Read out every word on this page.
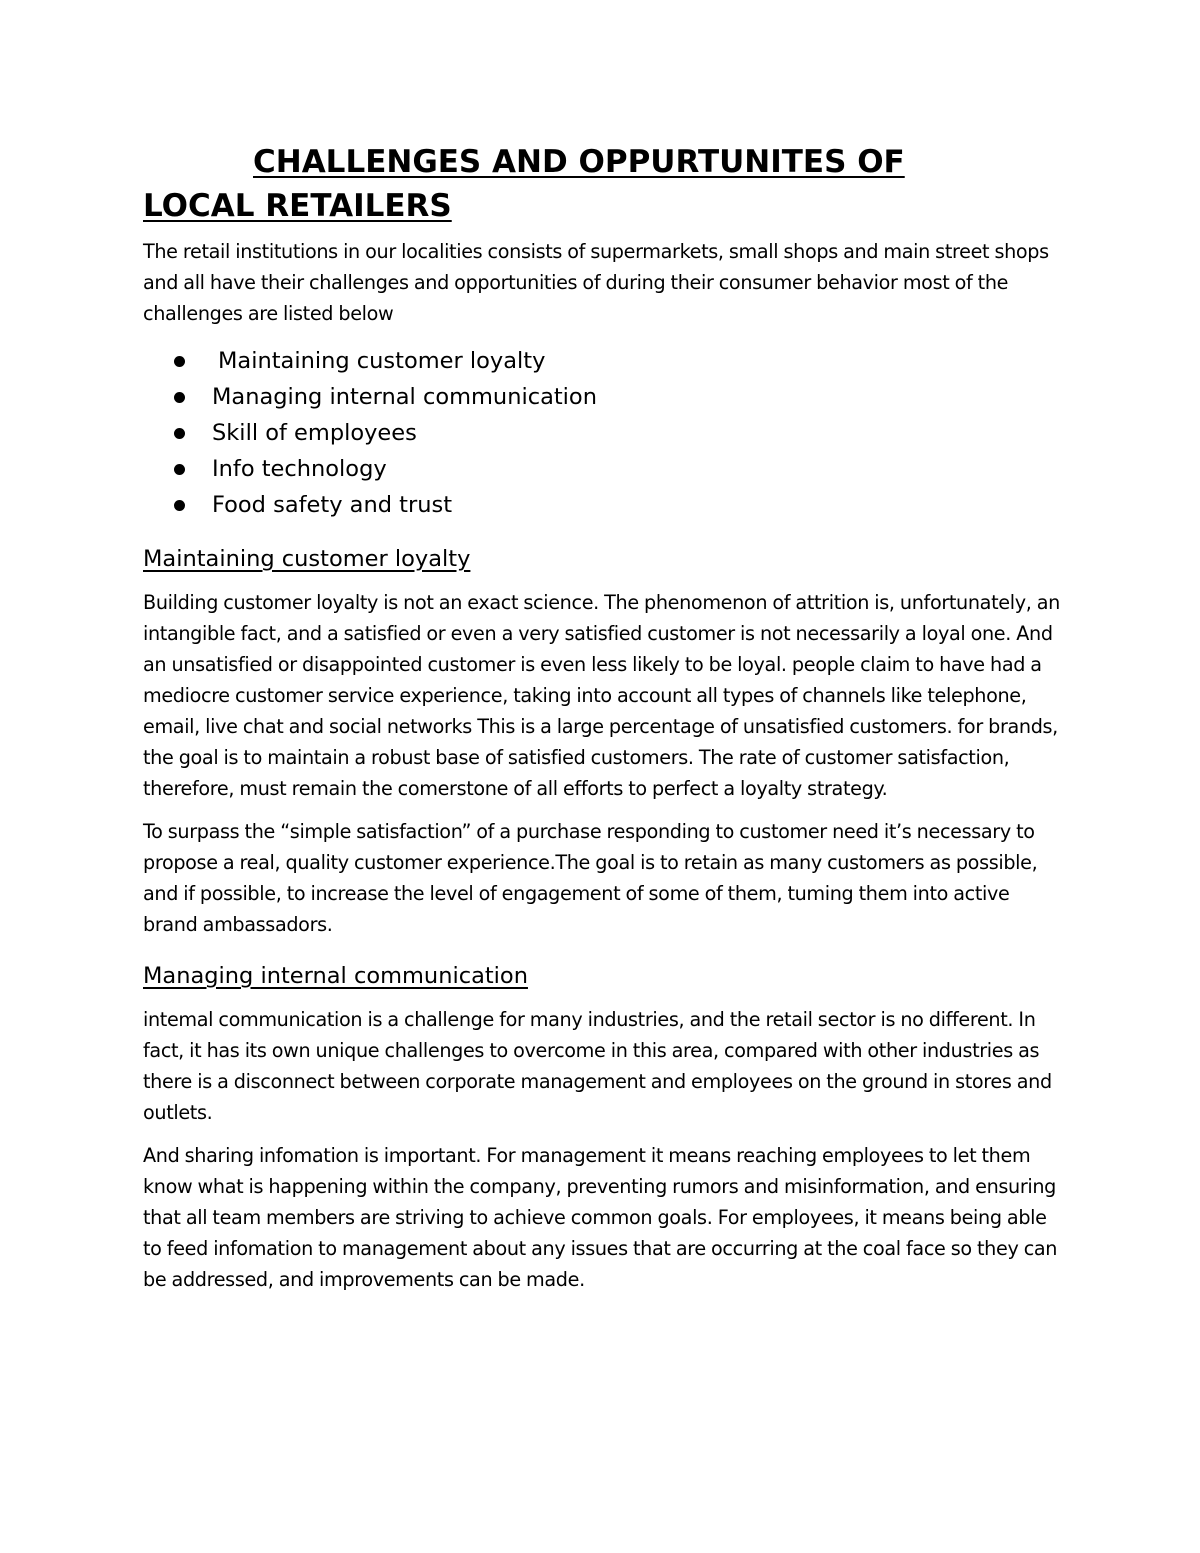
CHALLENGES AND OPPURTUNITES OF
LOCAL RETAILERS

The retail institutions in our localities consists of supermarkets, small shops and main street shops and all have their challenges and opportunities of during their consumer behavior most of the challenges are listed below

Maintaining customer loyalty
Managing internal communication
Skill of employees
Info technology
Food safety and trust
Maintaining customer loyalty

Building customer loyalty is not an exact science. The phenomenon of attrition is, unfortunately, an intangible fact, and a satisfied or even a very satisfied customer is not necessarily a loyal one. And an unsatisfied or disappointed customer is even less likely to be loyal. people claim to have had a mediocre customer service experience, taking into account all types of channels like telephone, email, live chat and social networks This is a large percentage of unsatisfied customers. for brands, the goal is to maintain a robust base of satisfied customers. The rate of customer satisfaction, therefore, must remain the comerstone of all efforts to perfect a loyalty strategy.

To surpass the “simple satisfaction” of a purchase responding to customer need it’s necessary to propose a real, quality customer experience.The goal is to retain as many customers as possible, and if possible, to increase the level of engagement of some of them, tuming them into active brand ambassadors.

Managing internal communication

intemal communication is a challenge for many industries, and the retail sector is no different. In fact, it has its own unique challenges to overcome in this area, compared with other industries as there is a disconnect between corporate management and employees on the ground in stores and outlets.

And sharing infomation is important. For management it means reaching employees to let them know what is happening within the company, preventing rumors and misinformation, and ensuring that all team members are striving to achieve common goals. For employees, it means being able to feed infomation to management about any issues that are occurring at the coal face so they can be addressed, and improvements can be made.
